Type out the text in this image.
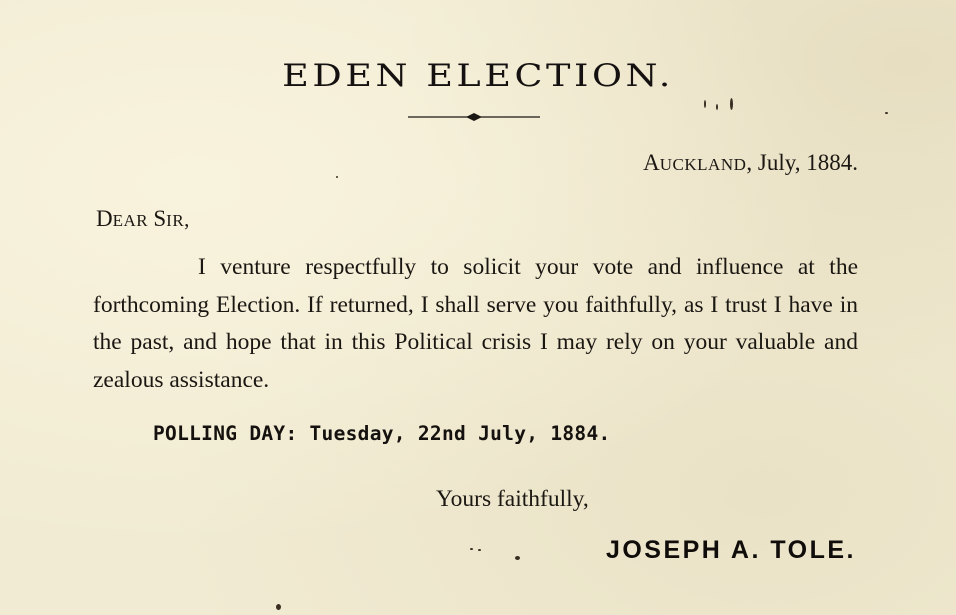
EDEN ELECTION.
AUCKLAND, July, 1884.
DEAR SIR,
I venture respectfully to solicit your vote and influence at the forthcoming Election. If returned, I shall serve you faithfully, as I trust I have in the past, and hope that in this Political crisis I may rely on your valuable and zealous assistance.
POLLING DAY: Tuesday, 22nd July, 1884.
Yours faithfully,
JOSEPH A. TOLE.
